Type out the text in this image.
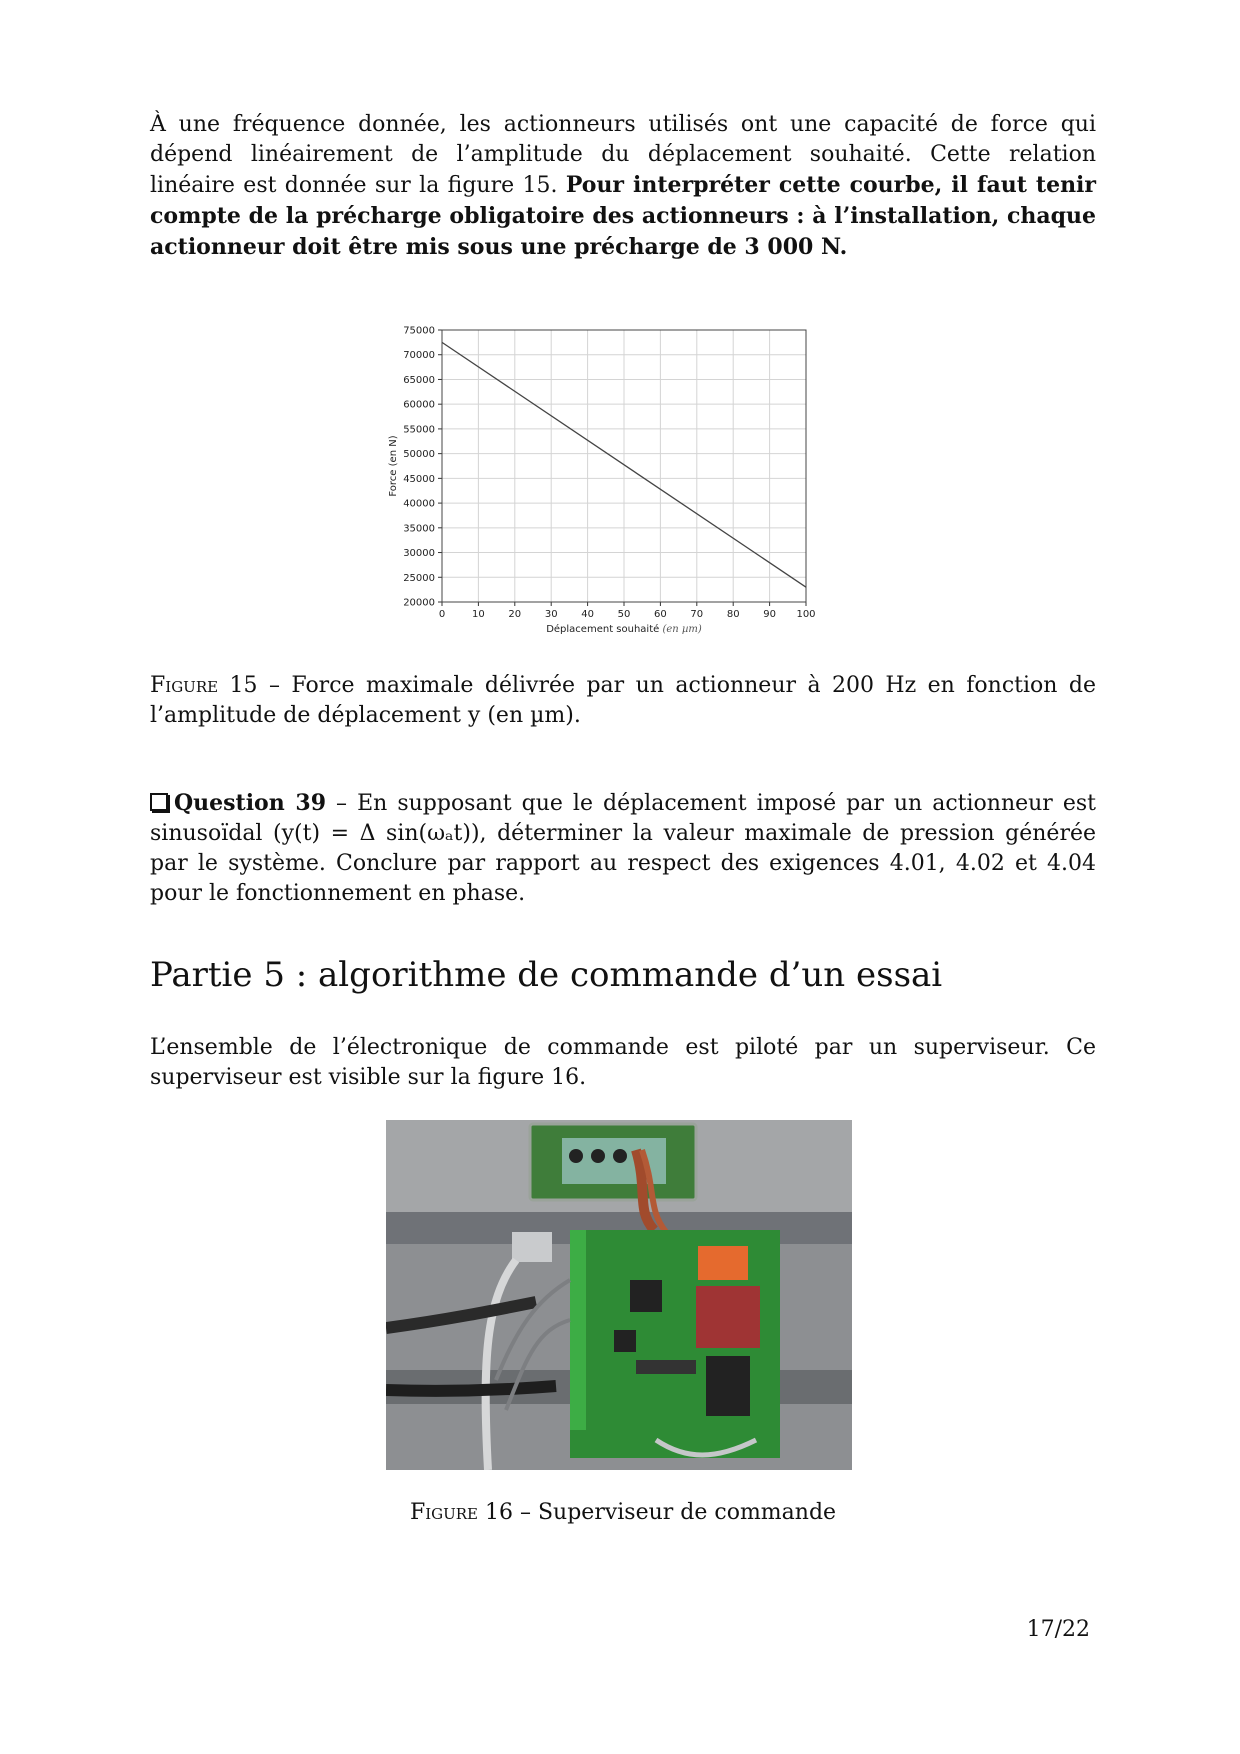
À une fréquence donnée, les actionneurs utilisés ont une capacité de force qui dépend linéairement de l’amplitude du déplacement souhaité. Cette relation linéaire est donnée sur la figure 15. Pour interpréter cette courbe, il faut tenir compte de la précharge obligatoire des actionneurs : à l’installation, chaque actionneur doit être mis sous une précharge de 3 000 N.
0	10 20 30 40 50 60 70 80 90 100
20000
25000
30000
35000
40000
45000
50000
55000
60000
65000
70000
75000
Déplacement souhaité (en µm)
Force (en N)
Figure 15 – Force maximale délivrée par un actionneur à 200 Hz en fonction de l’amplitude de déplacement y (en µm).
Question 39 – En supposant que le déplacement imposé par un actionneur est sinusoïdal (y(t) = Δ sin(ωₐt)), déterminer la valeur maximale de pression générée par le système. Conclure par rapport au respect des exigences 4.01, 4.02 et 4.04 pour le fonctionnement en phase.
Partie 5 : algorithme de commande d’un essai
L’ensemble de l’électronique de commande est piloté par un superviseur. Ce superviseur est visible sur la figure 16.
Figure 16 – Superviseur de commande
17/22
